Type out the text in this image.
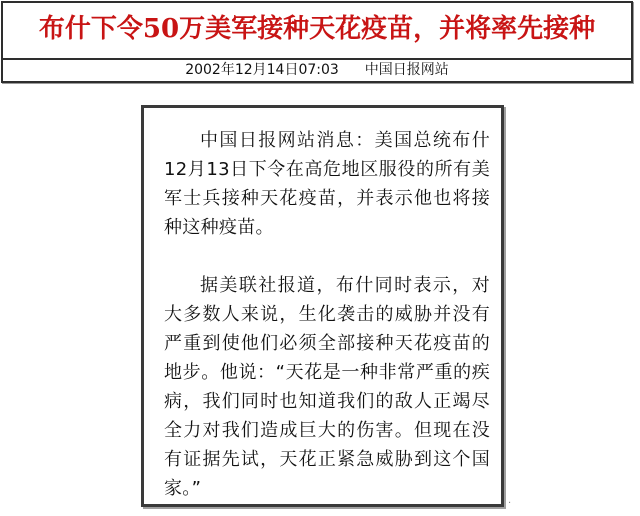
布什下令50万美军接种天花疫苗，并将率先接种
2002年12月14日07:03 中国日报网站

中国日报网站消息：美国总统布什12月13日下令在高危地区服役的所有美军士兵接种天花疫苗，并表示他也将接种这种疫苗。

据美联社报道，布什同时表示，对大多数人来说，生化袭击的威胁并没有严重到使他们必须全部接种天花疫苗的地步。他说：“天花是一种非常严重的疾病，我们同时也知道我们的敌人正竭尽全力对我们造成巨大的伤害。但现在没有证据先试，天花正紧急威胁到这个国家。”

·
